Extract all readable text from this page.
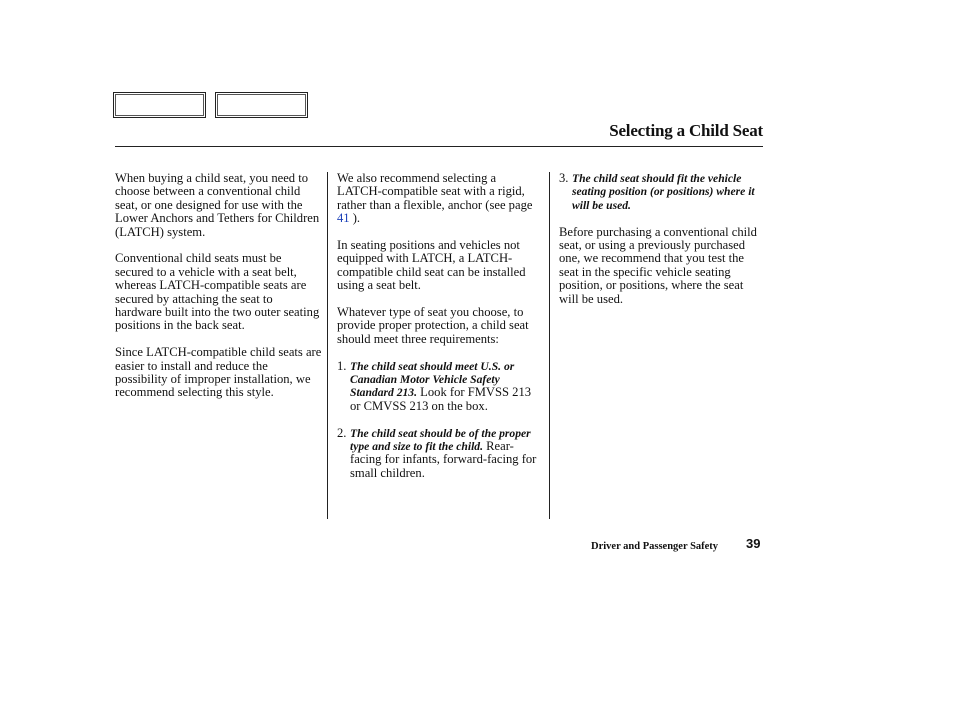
Selecting a Child Seat

When buying a child seat, you need to choose between a conventional child seat, or one designed for use with the Lower Anchors and Tethers for Children (LATCH) system.

Conventional child seats must be secured to a vehicle with a seat belt, whereas LATCH-compatible seats are secured by attaching the seat to hardware built into the two outer seating positions in the back seat.

Since LATCH-compatible child seats are easier to install and reduce the possibility of improper installation, we recommend selecting this style.

We also recommend selecting a LATCH-compatible seat with a rigid, rather than a flexible, anchor (see page 41 ).

In seating positions and vehicles not equipped with LATCH, a LATCH-compatible child seat can be installed using a seat belt.

Whatever type of seat you choose, to provide proper protection, a child seat should meet three requirements:

1. The child seat should meet U.S. or Canadian Motor Vehicle Safety Standard 213. Look for FMVSS 213 or CMVSS 213 on the box.
2. The child seat should be of the proper type and size to fit the child. Rear-facing for infants, forward-facing for small children.
3. The child seat should fit the vehicle seating position (or positions) where it will be used.

Before purchasing a conventional child seat, or using a previously purchased one, we recommend that you test the seat in the specific vehicle seating position, or positions, where the seat will be used.

Driver and Passenger Safety 39
